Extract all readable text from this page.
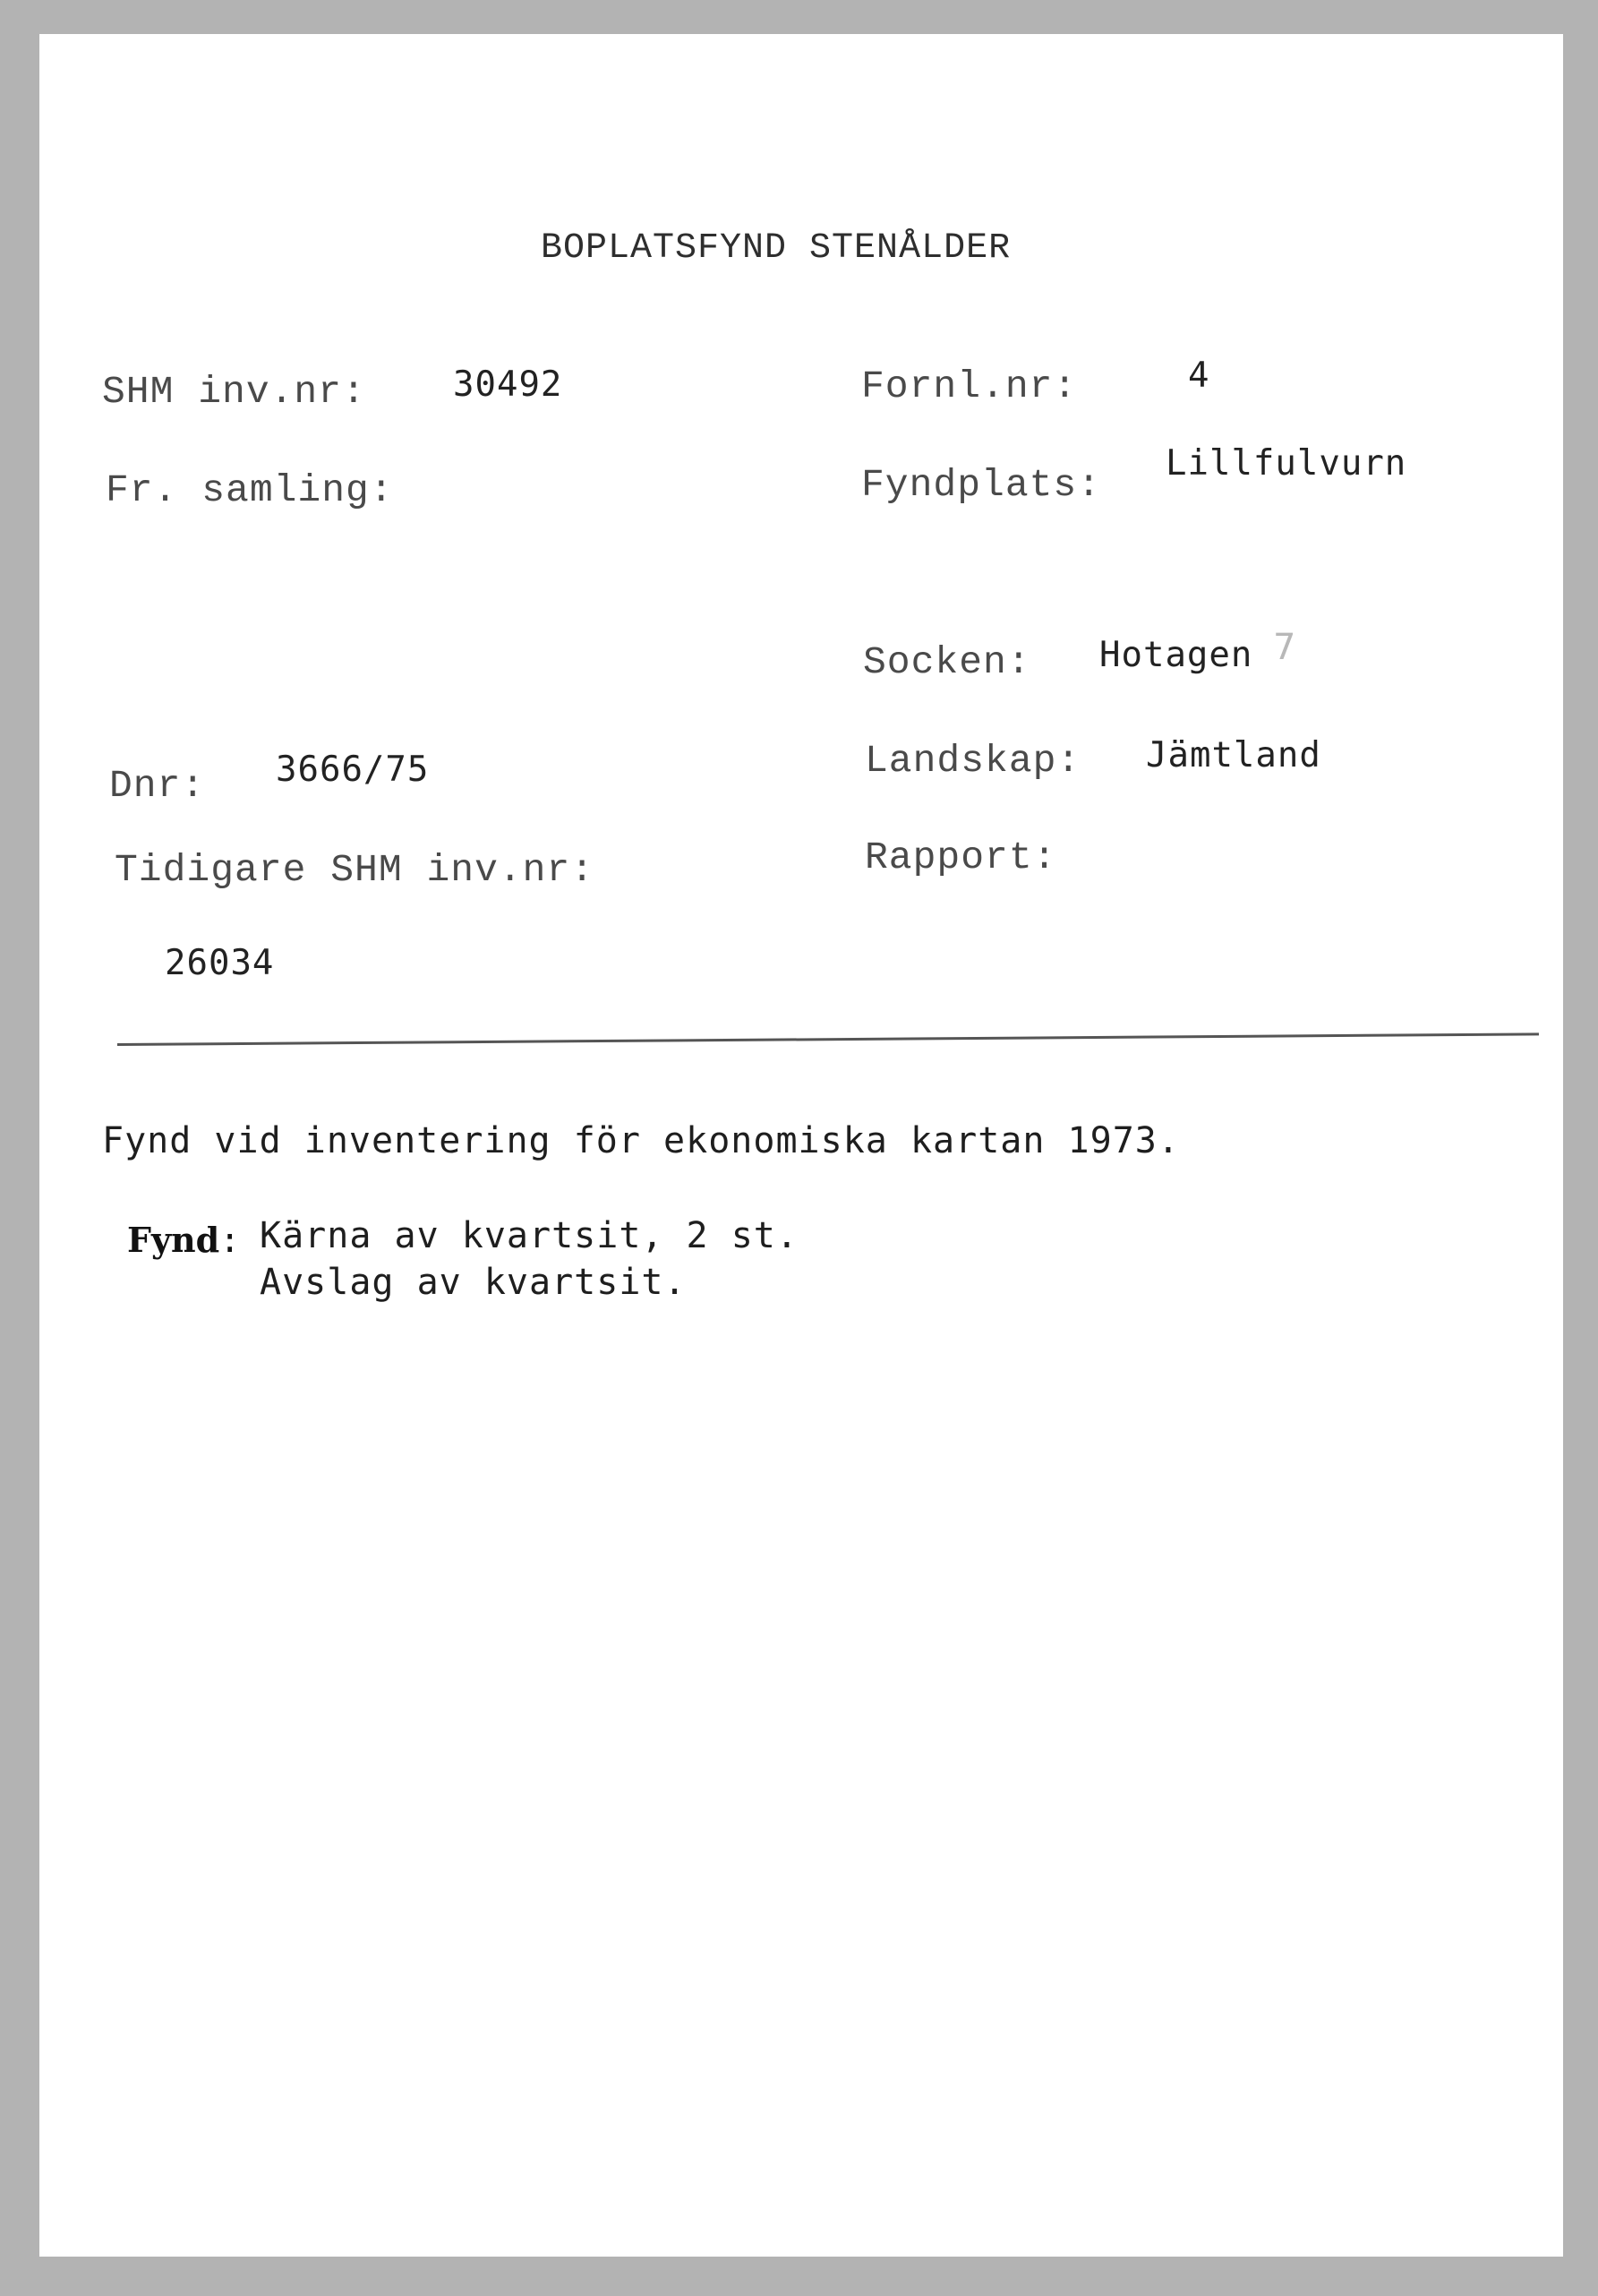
BOPLATSFYND STENÅLDER
SHM inv.nr: 30492	Fornl.nr:	4
Fr. samling:	Fyndplats: Lillfulvurn
Socken: Hotagen 7
Dnr: 3666/75	Landskap: Jämtland
Tidigare SHM inv.nr:	Rapport:
26034
Fynd vid inventering för ekonomiska kartan 1973.
Fynd: Kärna av kvartsit, 2 st.
Avslag av kvartsit.
